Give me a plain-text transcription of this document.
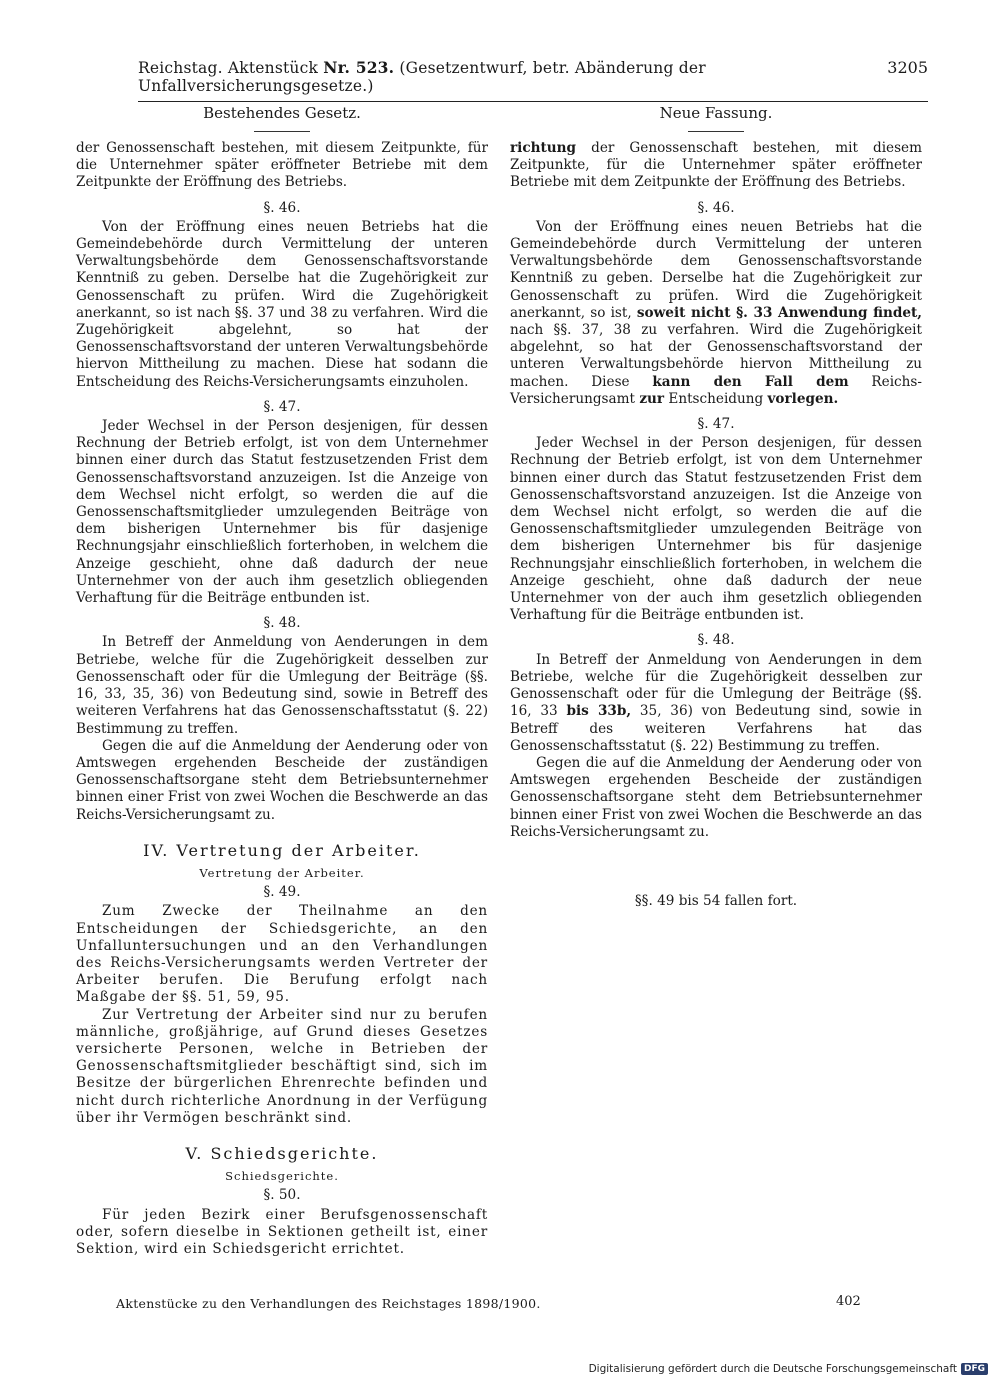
Reichstag. Aktenstück Nr. 523. (Gesetzentwurf, betr. Abänderung der Unfallversicherungsgesetze.)
3205

Bestehendes Gesetz.

der Genossenschaft bestehen, mit diesem Zeitpunkte, für die Unternehmer später eröffneter Betriebe mit dem Zeitpunkte der Eröffnung des Betriebs.

§. 46.

Von der Eröffnung eines neuen Betriebs hat die Gemeindebehörde durch Vermittelung der unteren Verwaltungsbehörde dem Genossenschaftsvorstande Kenntniß zu geben. Derselbe hat die Zugehörigkeit zur Genossenschaft zu prüfen. Wird die Zugehörigkeit anerkannt, so ist nach §§. 37 und 38 zu verfahren. Wird die Zugehörigkeit abgelehnt, so hat der Genossenschaftsvorstand der unteren Verwaltungsbehörde hiervon Mittheilung zu machen. Diese hat sodann die Entscheidung des Reichs-Versicherungsamts einzuholen.

§. 47.

Jeder Wechsel in der Person desjenigen, für dessen Rechnung der Betrieb erfolgt, ist von dem Unternehmer binnen einer durch das Statut festzusetzenden Frist dem Genossenschaftsvorstand anzuzeigen. Ist die Anzeige von dem Wechsel nicht erfolgt, so werden die auf die Genossenschaftsmitglieder umzulegenden Beiträge von dem bisherigen Unternehmer bis für dasjenige Rechnungsjahr einschließlich forterhoben, in welchem die Anzeige geschieht, ohne daß dadurch der neue Unternehmer von der auch ihm gesetzlich obliegenden Verhaftung für die Beiträge entbunden ist.

§. 48.

In Betreff der Anmeldung von Aenderungen in dem Betriebe, welche für die Zugehörigkeit desselben zur Genossenschaft oder für die Umlegung der Beiträge (§§. 16, 33, 35, 36) von Bedeutung sind, sowie in Betreff des weiteren Verfahrens hat das Genossenschaftsstatut (§. 22) Bestimmung zu treffen.

Gegen die auf die Anmeldung der Aenderung oder von Amtswegen ergehenden Bescheide der zuständigen Genossenschaftsorgane steht dem Betriebsunternehmer binnen einer Frist von zwei Wochen die Beschwerde an das Reichs-Versicherungsamt zu.

IV. Vertretung der Arbeiter.

Vertretung der Arbeiter.

§. 49.

Zum Zwecke der Theilnahme an den Entscheidungen der Schiedsgerichte, an den Unfalluntersuchungen und an den Verhandlungen des Reichs-Versicherungsamts werden Vertreter der Arbeiter berufen. Die Berufung erfolgt nach Maßgabe der §§. 51, 59, 95.

Zur Vertretung der Arbeiter sind nur zu berufen männliche, großjährige, auf Grund dieses Gesetzes versicherte Personen, welche in Betrieben der Genossenschaftsmitglieder beschäftigt sind, sich im Besitze der bürgerlichen Ehrenrechte befinden und nicht durch richterliche Anordnung in der Verfügung über ihr Vermögen beschränkt sind.

V. Schiedsgerichte.

Schiedsgerichte.

§. 50.

Für jeden Bezirk einer Berufsgenossenschaft oder, sofern dieselbe in Sektionen getheilt ist, einer Sektion, wird ein Schiedsgericht errichtet.

Neue Fassung.

richtung der Genossenschaft bestehen, mit diesem Zeitpunkte, für die Unternehmer später eröffneter Betriebe mit dem Zeitpunkte der Eröffnung des Betriebs.

§. 46.

Von der Eröffnung eines neuen Betriebs hat die Gemeindebehörde durch Vermittelung der unteren Verwaltungsbehörde dem Genossenschaftsvorstande Kenntniß zu geben. Derselbe hat die Zugehörigkeit zur Genossenschaft zu prüfen. Wird die Zugehörigkeit anerkannt, so ist, soweit nicht §. 33 Anwendung findet, nach §§. 37, 38 zu verfahren. Wird die Zugehörigkeit abgelehnt, so hat der Genossenschaftsvorstand der unteren Verwaltungsbehörde hiervon Mittheilung zu machen. Diese kann den Fall dem Reichs-Versicherungsamt zur Entscheidung vorlegen.

§. 47.

Jeder Wechsel in der Person desjenigen, für dessen Rechnung der Betrieb erfolgt, ist von dem Unternehmer binnen einer durch das Statut festzusetzenden Frist dem Genossenschaftsvorstand anzuzeigen. Ist die Anzeige von dem Wechsel nicht erfolgt, so werden die auf die Genossenschaftsmitglieder umzulegenden Beiträge von dem bisherigen Unternehmer bis für dasjenige Rechnungsjahr einschließlich forterhoben, in welchem die Anzeige geschieht, ohne daß dadurch der neue Unternehmer von der auch ihm gesetzlich obliegenden Verhaftung für die Beiträge entbunden ist.

§. 48.

In Betreff der Anmeldung von Aenderungen in dem Betriebe, welche für die Zugehörigkeit desselben zur Genossenschaft oder für die Umlegung der Beiträge (§§. 16, 33 bis 33b, 35, 36) von Bedeutung sind, sowie in Betreff des weiteren Verfahrens hat das Genossenschaftsstatut (§. 22) Bestimmung zu treffen.

Gegen die auf die Anmeldung der Aenderung oder von Amtswegen ergehenden Bescheide der zuständigen Genossenschaftsorgane steht dem Betriebsunternehmer binnen einer Frist von zwei Wochen die Beschwerde an das Reichs-Versicherungsamt zu.

§§. 49 bis 54 fallen fort.

Aktenstücke zu den Verhandlungen des Reichstages 1898/1900.	402
Digitalisierung gefördert durch die Deutsche Forschungsgemeinschaft DFG
